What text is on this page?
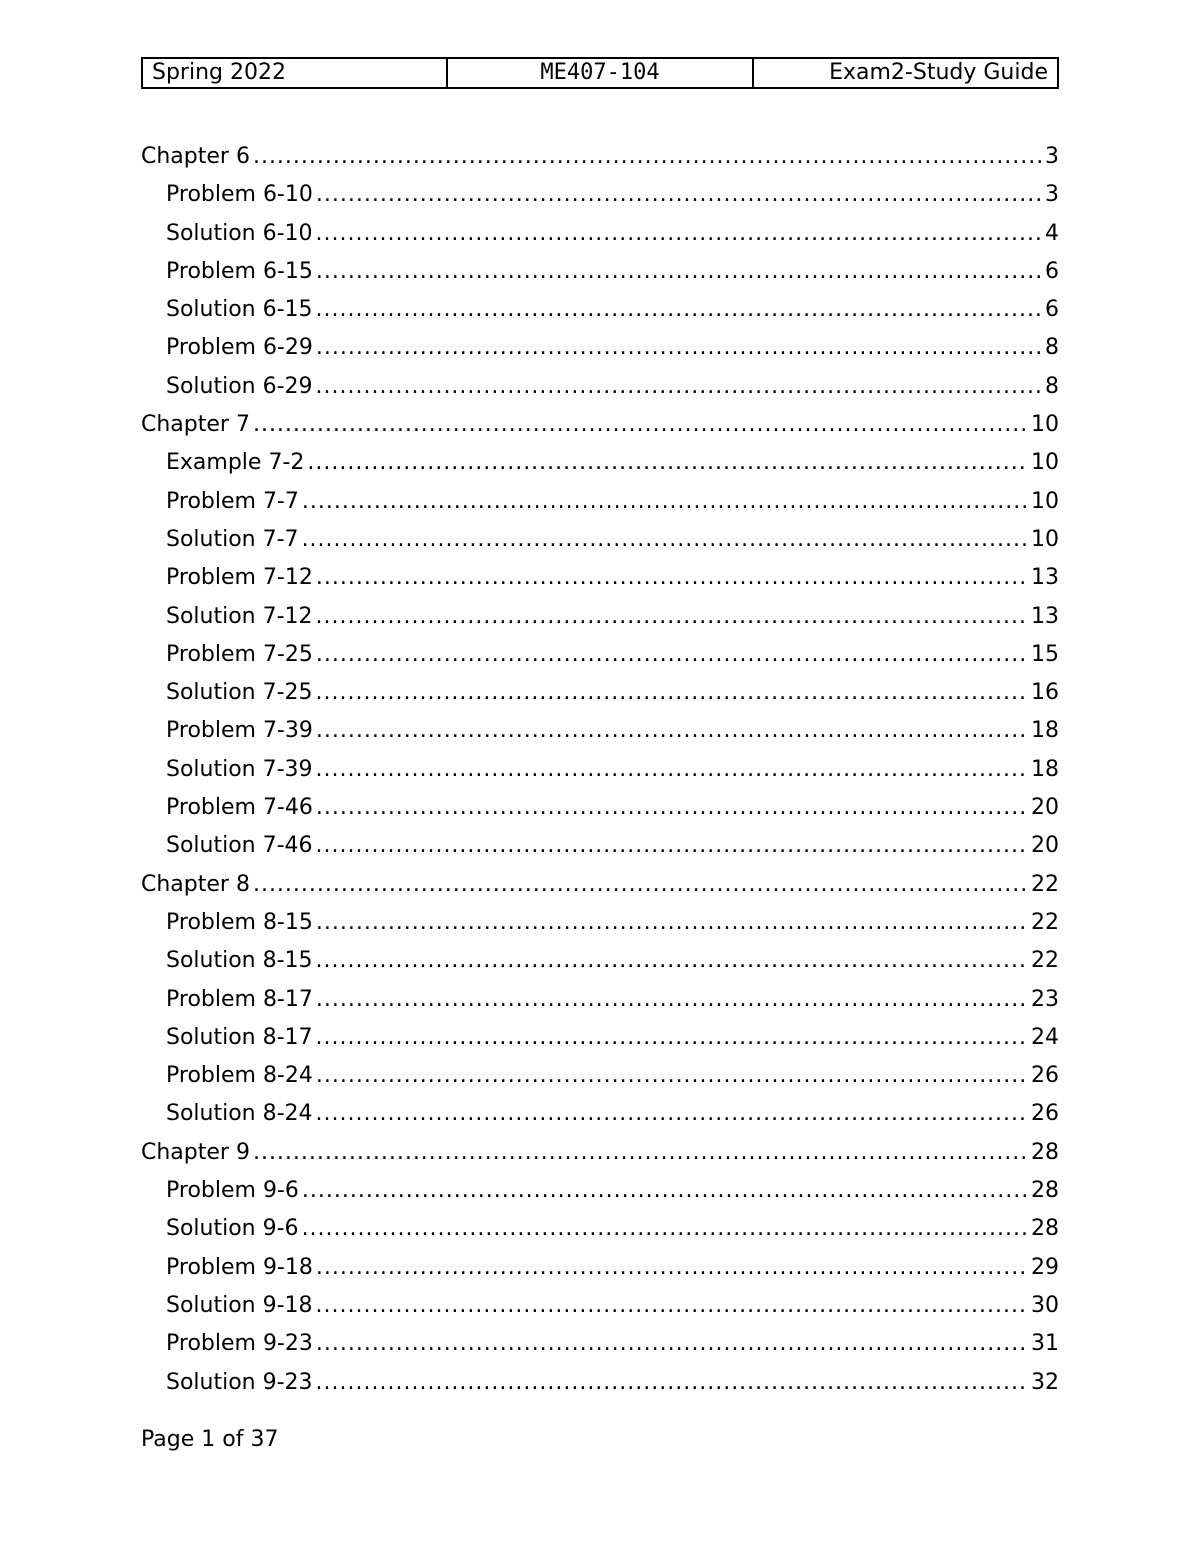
Spring 2022	ME407-104	Exam2-Study Guide
Chapter 6 .....	3
Problem 6-10 .....	3
Solution 6-10 .....	4
Problem 6-15 .....	6
Solution 6-15 .....	6
Problem 6-29 .....	8
Solution 6-29 .....	8
Chapter 7 .....	10
Example 7-2 .....	10
Problem 7-7 .....	10
Solution 7-7 .....	10
Problem 7-12 .....	13
Solution 7-12 .....	13
Problem 7-25 .....	15
Solution 7-25 .....	16
Problem 7-39 .....	18
Solution 7-39 .....	18
Problem 7-46 .....	20
Solution 7-46 .....	20
Chapter 8 .....	22
Problem 8-15 .....	22
Solution 8-15 .....	22
Problem 8-17 .....	23
Solution 8-17 .....	24
Problem 8-24 .....	26
Solution 8-24 .....	26
Chapter 9 .....	28
Problem 9-6 .....	28
Solution 9-6 .....	28
Problem 9-18 .....	29
Solution 9-18 .....	30
Problem 9-23 .....	31
Solution 9-23 .....	32
Page 1 of 37
